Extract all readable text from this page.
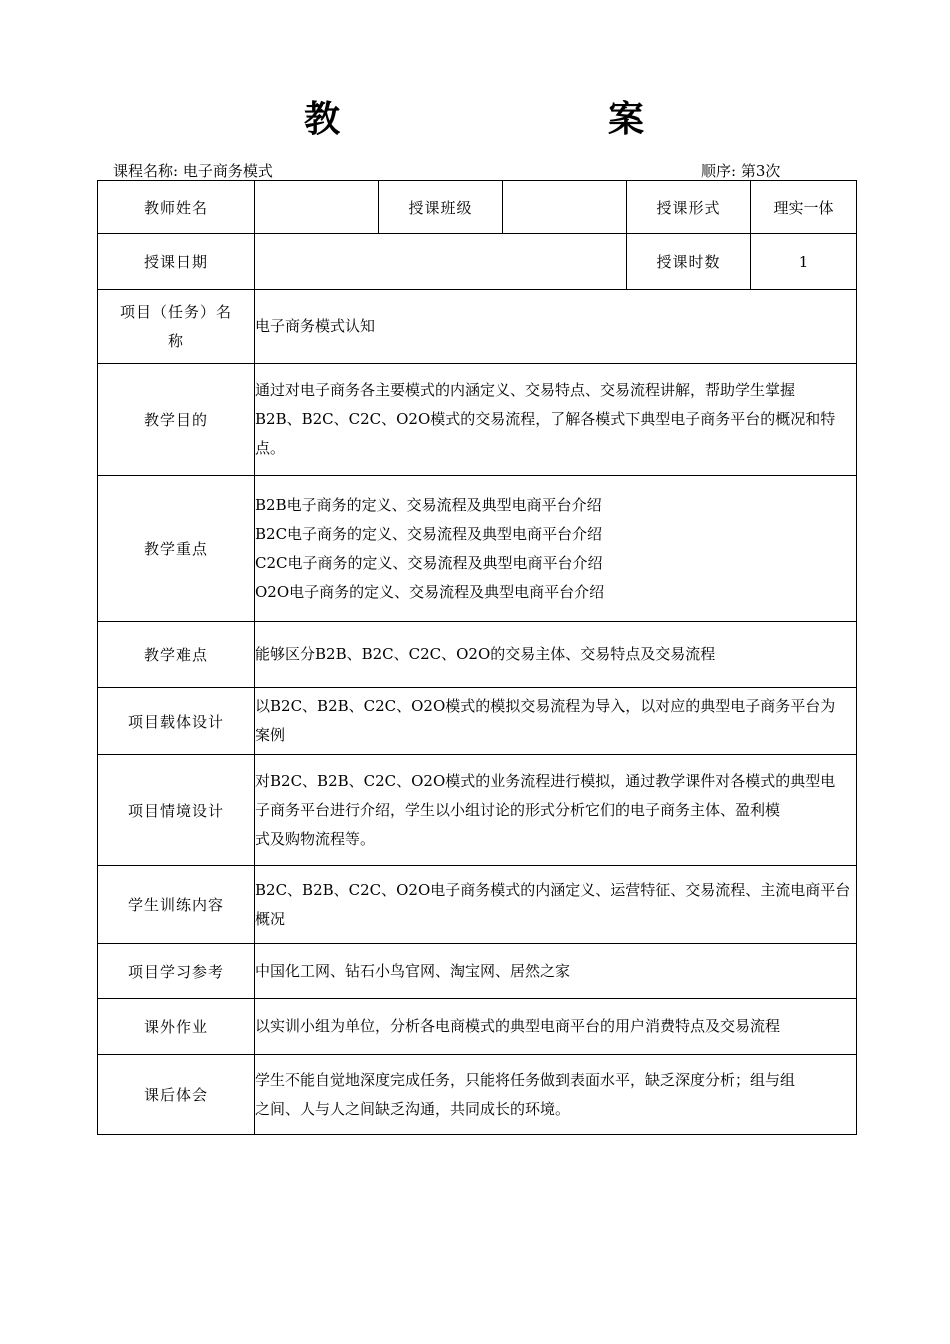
教	案
课程名称: 电子商务模式	顺序: 第3次
教师姓名		授课班级		授课形式	理实一体
授课日期				授课时数	1

项目（任务）名
称	电子商务模式认知				
教学目的	通过对电子商务各主要模式的内涵定义、交易特点、交易流程讲解，帮助学生掌握
B2B、B2C、C2C、O2O模式的交易流程，了解各模式下典型电子商务平台的概况和特
点。				

教学重点	B2B电子商务的定义、交易流程及典型电商平台介绍
B2C电子商务的定义、交易流程及典型电商平台介绍
C2C电子商务的定义、交易流程及典型电商平台介绍
O2O电子商务的定义、交易流程及典型电商平台介绍				

教学难点	能够区分B2B、B2C、C2C、O2O的交易主体、交易特点及交易流程				

项目载体设计	以B2C、B2B、C2C、O2O模式的模拟交易流程为导入，以对应的典型电子商务平台为
案例				

项目情境设计	对B2C、B2B、C2C、O2O模式的业务流程进行模拟，通过教学课件对各模式的典型电
子商务平台进行介绍，学生以小组讨论的形式分析它们的电子商务主体、盈利模
式及购物流程等。				

学生训练内容	B2C、B2B、C2C、O2O电子商务模式的内涵定义、运营特征、交易流程、主流电商平台
概况				

项目学习参考	中国化工网、钻石小鸟官网、淘宝网、居然之家				

课外作业	以实训小组为单位，分析各电商模式的典型电商平台的用户消费特点及交易流程				

课后体会	学生不能自觉地深度完成任务，只能将任务做到表面水平，缺乏深度分析；组与组
之间、人与人之间缺乏沟通，共同成长的环境。				
